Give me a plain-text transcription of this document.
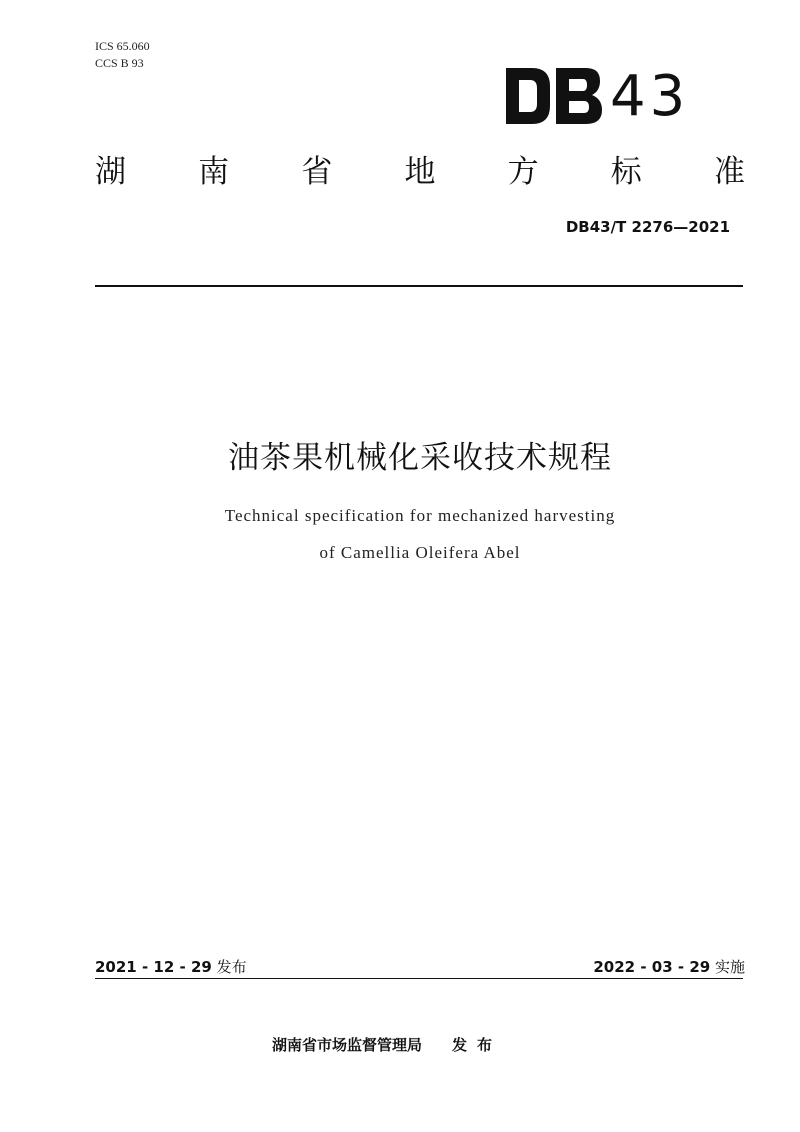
ICS 65.060
CCS B 93
43
湖 南 省 地 方 标 准
DB43/T 2276—2021
油茶果机械化采收技术规程
Technical specification for mechanized harvesting
of Camellia Oleifera Abel
2021 - 12 - 29 发布	2022 - 03 - 29 实施
湖南省市场监督管理局 发布
